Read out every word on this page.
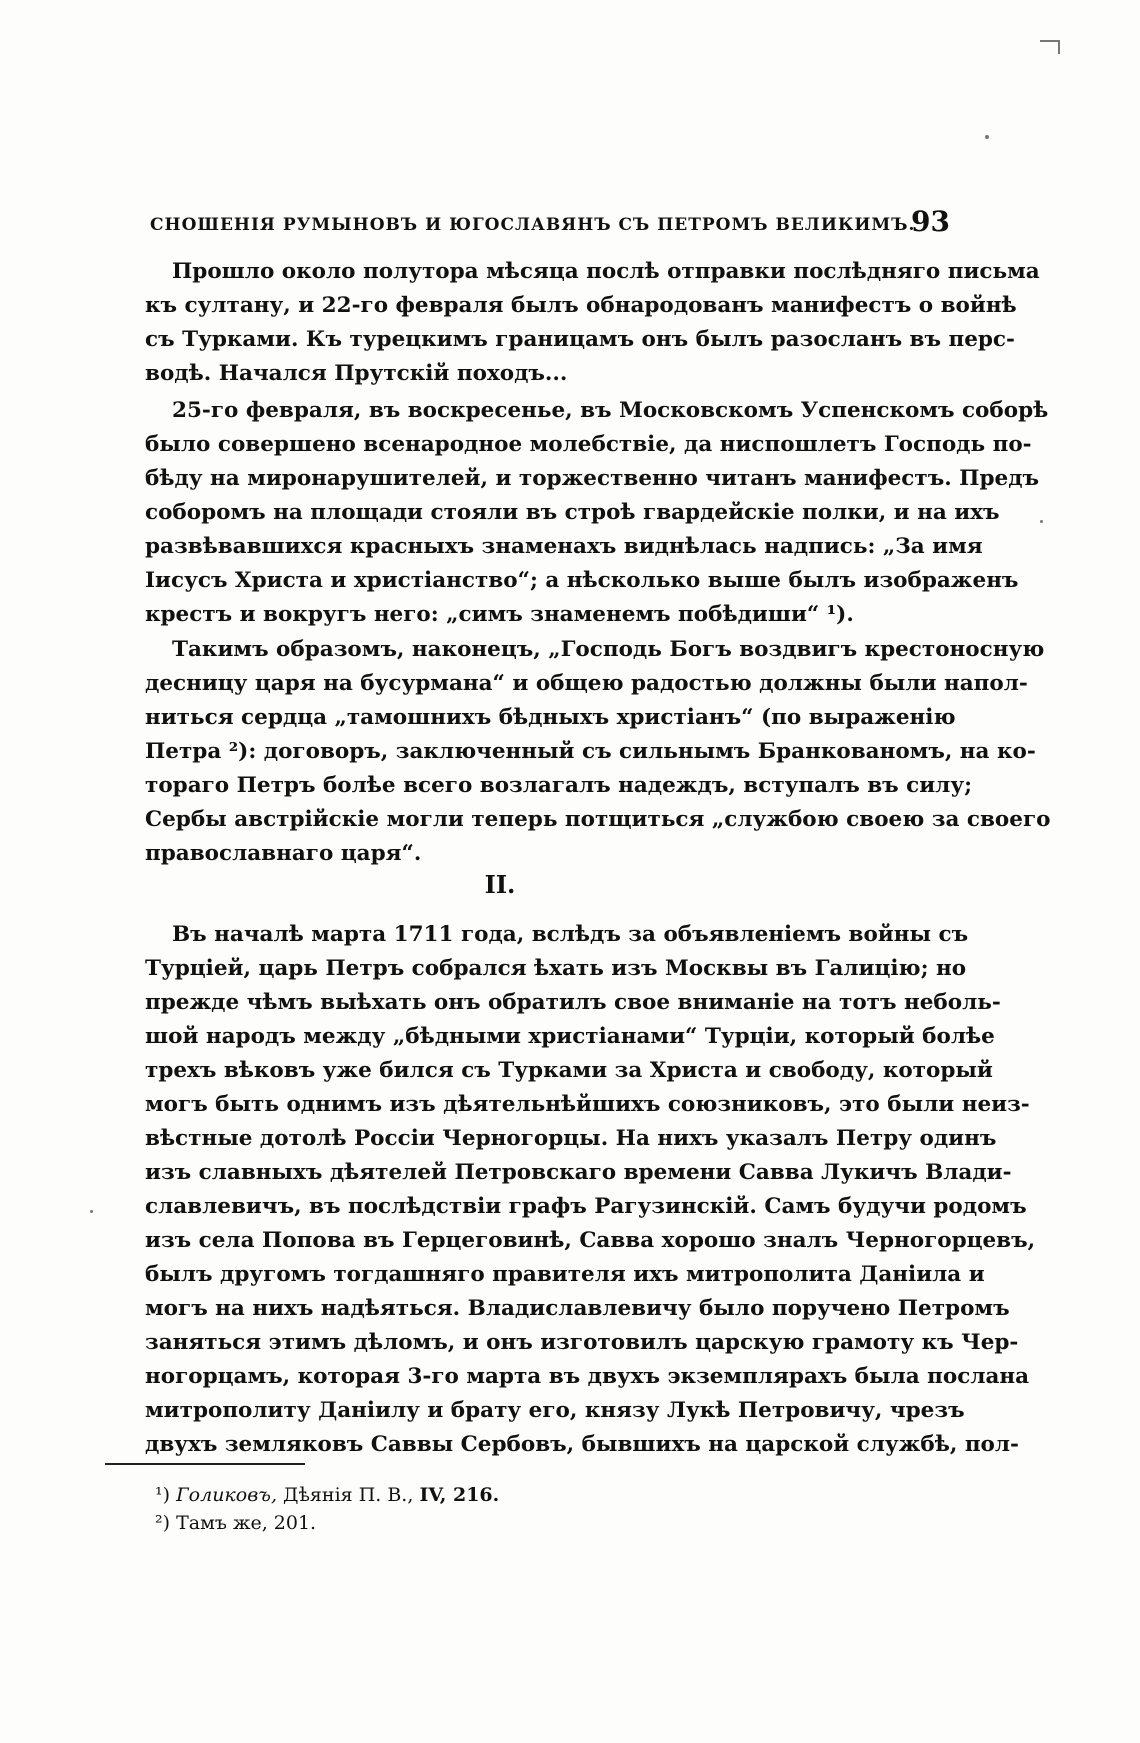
СНОШЕНІЯ РУМЫНОВЪ И ЮГОСЛАВЯНЪ СЪ ПЕТРОМЪ ВЕЛИКИМЪ.
93
Прошло около полутора мѣсяца послѣ отправки послѣдняго письма
къ султану, и 22-го февраля былъ обнародованъ манифестъ о войнѣ
съ Турками. Къ турецкимъ границамъ онъ былъ разосланъ въ перс-
водѣ. Начался Прутскій походъ...
25-го февраля, въ воскресенье, въ Московскомъ Успенскомъ соборѣ
было совершено всенародное молебствіе, да ниспошлетъ Господь по-
бѣду на миронарушителей, и торжественно читанъ манифестъ. Предъ
соборомъ на площади стояли въ строѣ гвардейскіе полки, и на ихъ
развѣвавшихся красныхъ знаменахъ виднѣлась надпись: „За имя
Іисусъ Христа и христіанство“; а нѣсколько выше былъ изображенъ
крестъ и вокругъ него: „симъ знаменемъ побѣдиши“ ¹).
Такимъ образомъ, наконецъ, „Господь Богъ воздвигъ крестоносную
десницу царя на бусурмана“ и общею радостью должны были напол-
ниться сердца „тамошнихъ бѣдныхъ христіанъ“ (по выраженію
Петра ²): договоръ, заключенный съ сильнымъ Бранкованомъ, на ко-
тораго Петръ болѣе всего возлагалъ надеждъ, вступалъ въ силу;
Сербы австрійскіе могли теперь потщиться „службою своею за своего
православнаго царя“.
II.
Въ началѣ марта 1711 года, вслѣдъ за объявленіемъ войны съ
Турціей, царь Петръ собрался ѣхать изъ Москвы въ Галицію; но
прежде чѣмъ выѣхать онъ обратилъ свое вниманіе на тотъ неболь-
шой народъ между „бѣдными христіанами“ Турціи, который болѣе
трехъ вѣковъ уже бился съ Турками за Христа и свободу, который
могъ быть однимъ изъ дѣятельнѣйшихъ союзниковъ, это были неиз-
вѣстные дотолѣ Россіи Черногорцы. На нихъ указалъ Петру одинъ
изъ славныхъ дѣятелей Петровскаго времени Савва Лукичъ Влади-
славлевичъ, въ послѣдствіи графъ Рагузинскій. Самъ будучи родомъ
изъ села Попова въ Герцеговинѣ, Савва хорошо зналъ Черногорцевъ,
былъ другомъ тогдашняго правителя ихъ митрополита Даніила и
могъ на нихъ надѣяться. Владиславлевичу было поручено Петромъ
заняться этимъ дѣломъ, и онъ изготовилъ царскую грамоту къ Чер-
ногорцамъ, которая 3-го марта въ двухъ экземплярахъ была послана
митрополиту Даніилу и брату его, князу Лукѣ Петровичу, чрезъ
двухъ земляковъ Саввы Сербовъ, бывшихъ на царской службѣ, пол-
¹) Голиковъ, Дѣянія П. В., IV, 216.
²) Тамъ же, 201.
